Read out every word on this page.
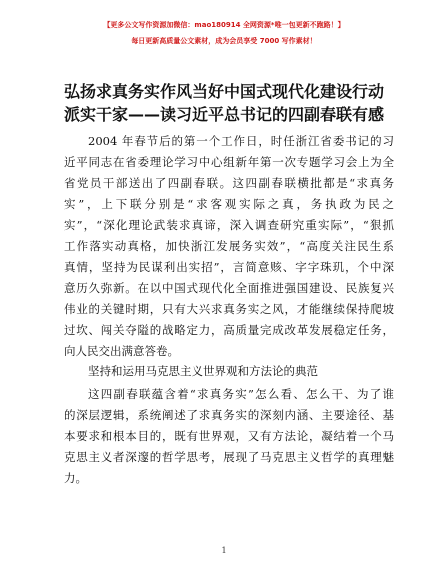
【更多公文写作资源加微信：mao180914 全网资源*唯一包更新不跑路！】
每日更新高质量公文素材，成为会员享受 7000 写作素材！
弘扬求真务实作风当好中国式现代化建设行动
派实干家——读习近平总书记的四副春联有感
2004 年春节后的第一个工作日，时任浙江省委书记的习
近平同志在省委理论学习中心组新年第一次专题学习会上为全
省党员干部送出了四副春联。这四副春联横批都是“求真务
实”，上下联分别是“求客观实际之真，务执政为民之
实”，“深化理论武装求真谛，深入调查研究重实际”，“狠抓
工作落实动真格，加快浙江发展务实效”，“高度关注民生系
真情，坚持为民谋利出实招”，言简意赅、字字珠玑，个中深
意历久弥新。在以中国式现代化全面推进强国建设、民族复兴
伟业的关键时期，只有大兴求真务实之风，才能继续保持爬坡
过坎、闯关夺隘的战略定力，高质量完成改革发展稳定任务，
向人民交出满意答卷。
坚持和运用马克思主义世界观和方法论的典范
这四副春联蕴含着“求真务实”怎么看、怎么干、为了谁
的深层逻辑，系统阐述了求真务实的深刻内涵、主要途径、基
本要求和根本目的，既有世界观，又有方法论，凝结着一个马
克思主义者深邃的哲学思考，展现了马克思主义哲学的真理魅
力。
1
